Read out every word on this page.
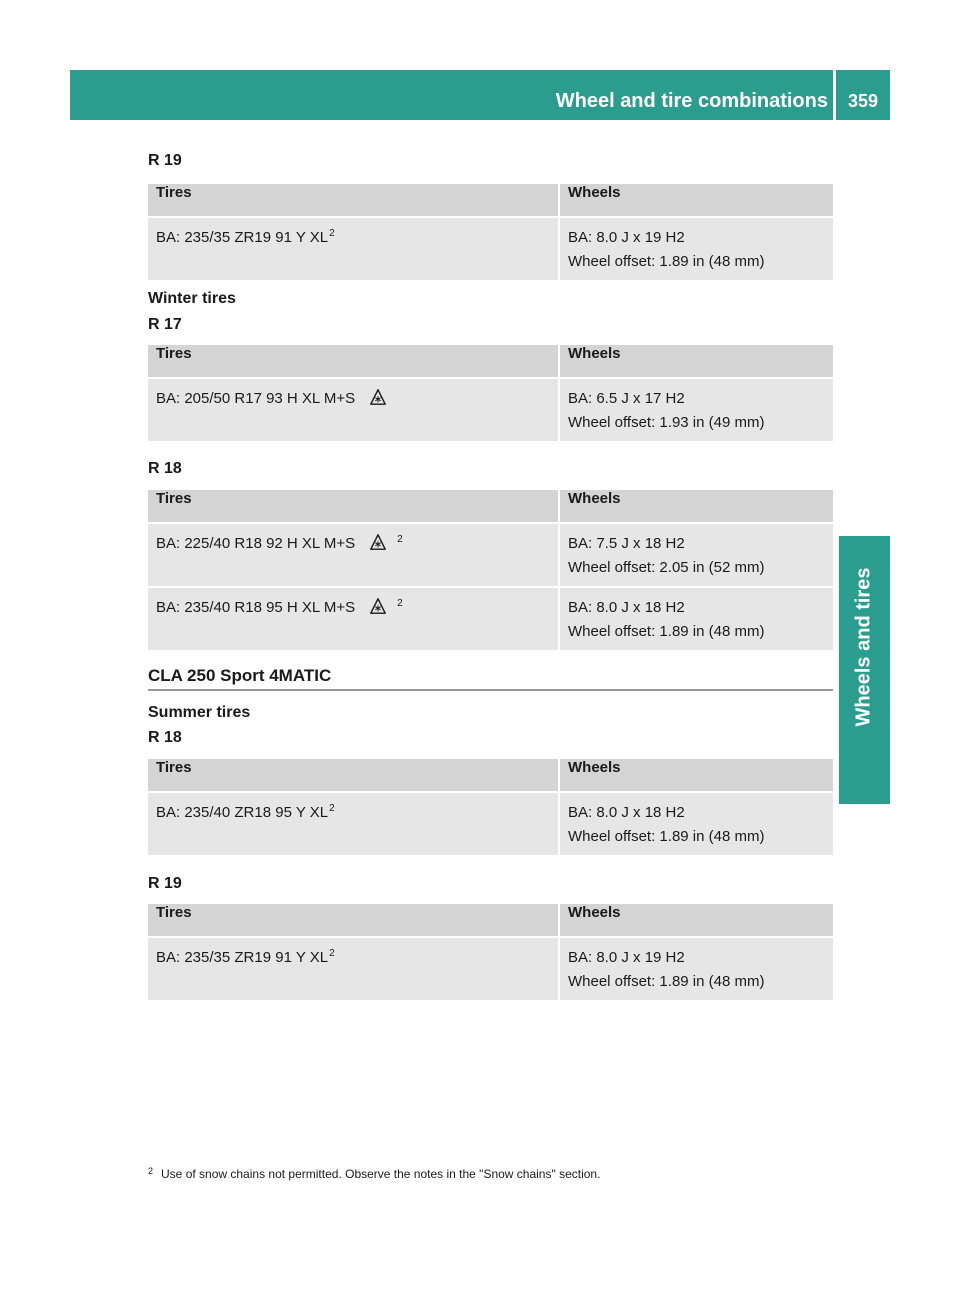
Wheel and tire combinations	359
Wheels and tires
R 19
Tires	Wheels
BA: 235/35 ZR19 91 Y $XL^2$	BA: 8.0 J x 19 H2
Wheel offset: 1.89 in (48 mm)
Winter tires
R 17
Tires	Wheels
BA: 205/50 R17 93 H XL M+S	BA: 6.5 J x 17 H2
Wheel offset: 1.93 in (49 mm)
R 18
Tires	Wheels
BA: 225/40 R18 92 H XL M+S $^2$	BA: 7.5 J x 18 H2
Wheel offset: 2.05 in (52 mm)

BA: 235/40 R18 95 H XL M+S $^2$	BA: 8.0 J x 18 H2
Wheel offset: 1.89 in (48 mm)
CLA 250 Sport 4MATIC
Summer tires
R 18
Tires	Wheels
BA: 235/40 ZR18 95 Y $XL^2$	BA: 8.0 J x 18 H2
Wheel offset: 1.89 in (48 mm)
R 19
Tires	Wheels
BA: 235/35 ZR19 91 Y $XL^2$	BA: 8.0 J x 19 H2
Wheel offset: 1.89 in (48 mm)
$^2$ Use of snow chains not permitted. Observe the notes in the "Snow chains" section.
